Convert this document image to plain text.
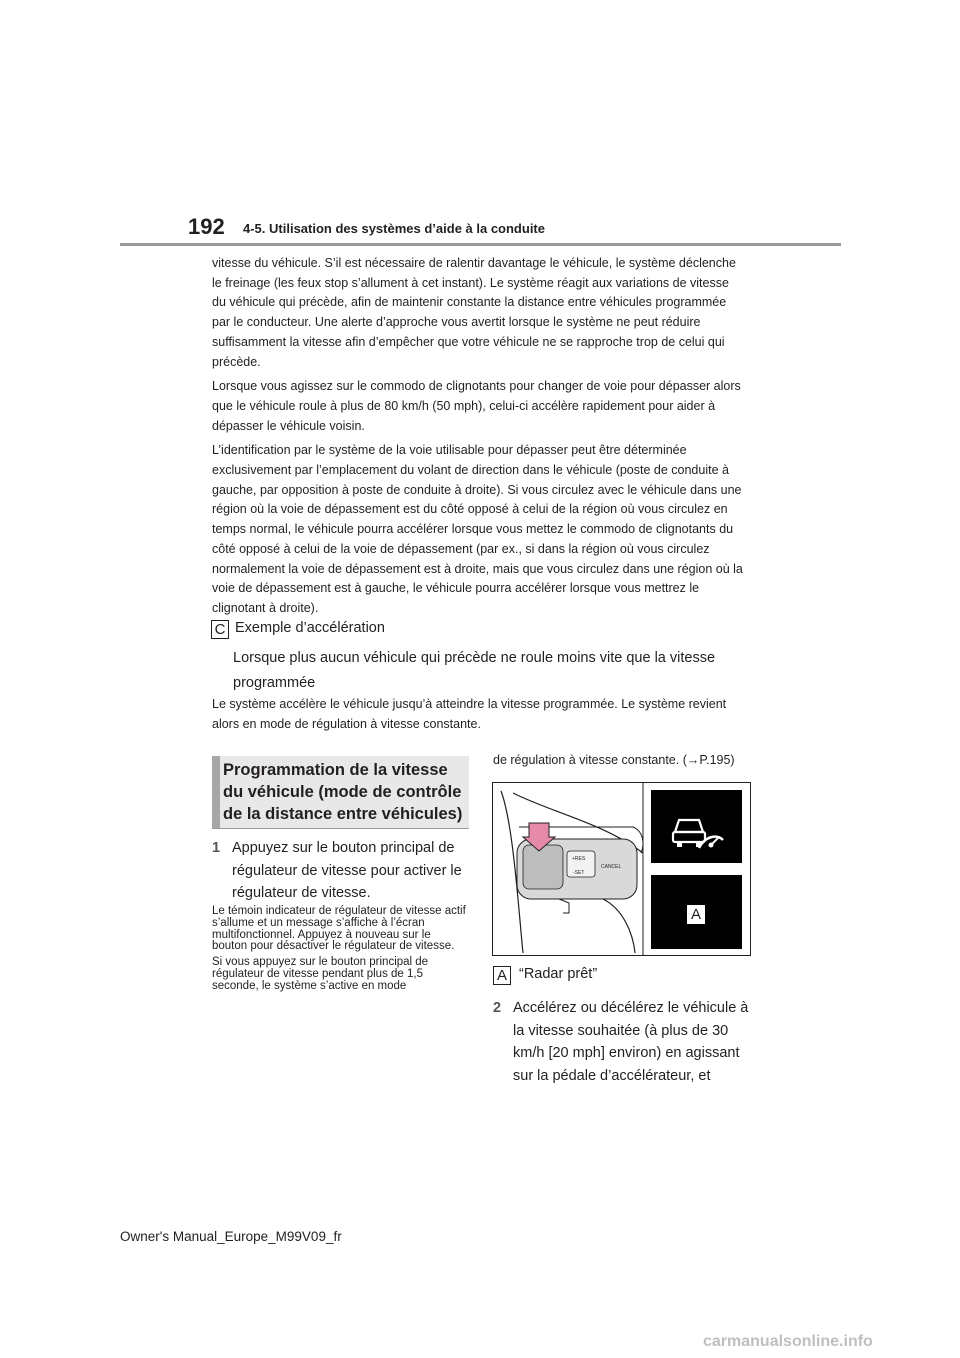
192 4-5. Utilisation des systèmes d’aide à la conduite

vitesse du véhicule. S’il est nécessaire de ralentir davantage le véhicule, le système déclenche le freinage (les feux stop s’allument à cet instant). Le système réagit aux variations de vitesse du véhicule qui précède, afin de maintenir constante la distance entre véhicules programmée par le conducteur. Une alerte d’approche vous avertit lorsque le système ne peut réduire suffisamment la vitesse afin d’empêcher que votre véhicule ne se rapproche trop de celui qui précède.

Lorsque vous agissez sur le commodo de clignotants pour changer de voie pour dépasser alors que le véhicule roule à plus de 80 km/h (50 mph), celui-ci accélère rapidement pour aider à dépasser le véhicule voisin.

L’identification par le système de la voie utilisable pour dépasser peut être déterminée exclusivement par l’emplacement du volant de direction dans le véhicule (poste de conduite à gauche, par opposition à poste de conduite à droite). Si vous circulez avec le véhicule dans une région où la voie de dépassement est du côté opposé à celui de la région où vous circulez en temps normal, le véhicule pourra accélérer lorsque vous mettez le commodo de clignotants du côté opposé à celui de la voie de dépassement (par ex., si dans la région où vous circulez normalement la voie de dépassement est à droite, mais que vous circulez dans une région où la voie de dépassement est à gauche, le véhicule pourra accélérer lorsque vous mettrez le clignotant à droite).

C Exemple d’accélération
Lorsque plus aucun véhicule qui précède ne roule moins vite que la vitesse programmée
Le système accélère le véhicule jusqu’à atteindre la vitesse programmée. Le système revient alors en mode de régulation à vitesse constante.
Programmation de la vitesse du véhicule (mode de contrôle de la distance entre véhicules)
1 Appuyez sur le bouton principal de régulateur de vitesse pour activer le régulateur de vitesse.

Le témoin indicateur de régulateur de vitesse actif s’allume et un message s’affiche à l’écran multifonctionnel. Appuyez à nouveau sur le bouton pour désactiver le régulateur de vitesse.

Si vous appuyez sur le bouton principal de régulateur de vitesse pendant plus de 1,5 seconde, le système s’active en mode

de régulation à vitesse constante. (→P.195)
+RES
-SET
CANCEL
A
A “Radar prêt”
2 Accélérez ou décélérez le véhicule à la vitesse souhaitée (à plus de 30 km/h [20 mph] environ) en agissant sur la pédale d’accélérateur, et
Owner's Manual_Europe_M99V09_fr
carmanualsonline.info
